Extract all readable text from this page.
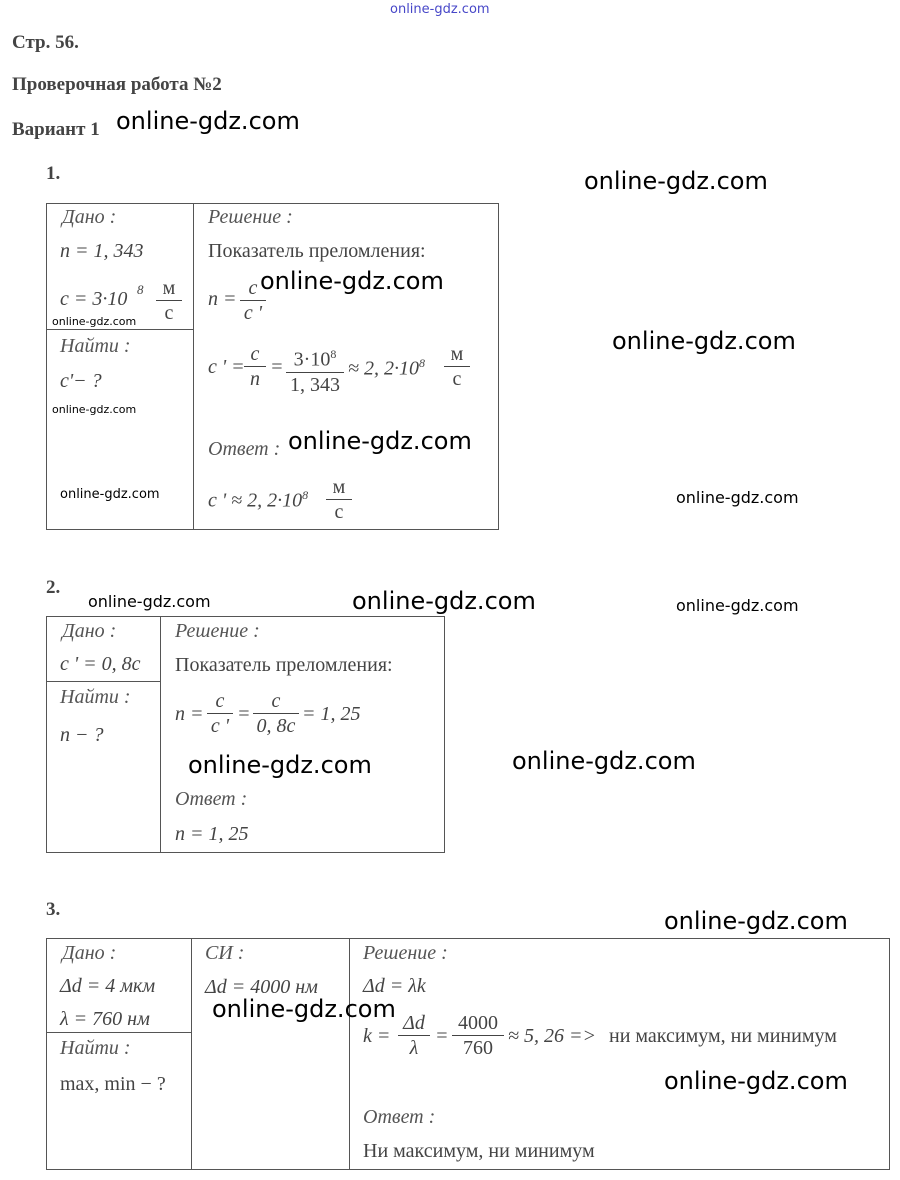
online-gdz.com
Стр. 56.
Проверочная работа №2
Вариант 1
1.
Дано :
n = 1, 343
c = 3·10 8 м
с
Найти :
c'− ?
Решение :
Показатель преломления:
n = c
c '
c ' =
c
n
= $3\cdot 10^8$
1, 343
≈ 2, $2\cdot 10^8$	м
с
Ответ :
c ' ≈ 2, $2\cdot 10^8$	м
с
2.
Дано :
c ' = 0, 8c
Найти :
n − ?
Решение :
Показатель преломления:
n =
c
c '
=
c
0, 8c
= 1, 25
Ответ :
n = 1, 25
3.
Дано :
Δd = 4 мкм
λ = 760 нм
Найти :
max, min − ?
СИ :
Δd = 4000 нм
Решение :
Δd = λk
k =
Δd
λ
=
4000
760
≈ 5, 26 => ни максимум, ни минимум
Ответ :
Ни максимум, ни минимум
online-gdz.com
online-gdz.com
online-gdz.com
online-gdz.com
online-gdz.com
online-gdz.com
online-gdz.com
online-gdz.com	online-gdz.com
online-gdz.com	online-gdz.com	online-gdz.com
online-gdz.com
online-gdz.com
online-gdz.com
online-gdz.com
online-gdz.com
